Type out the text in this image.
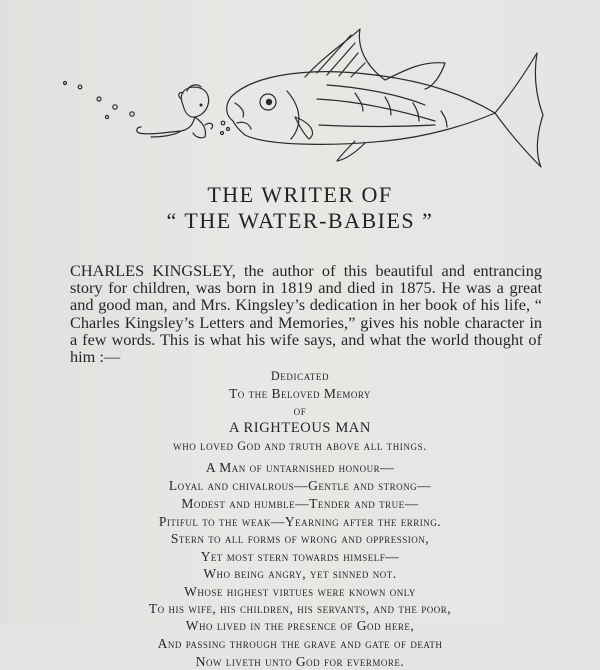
THE WRITER OF
“ THE WATER-BABIES ”

CHARLES KINGSLEY, the author of this beautiful and entrancing story for children, was born in 1819 and died in 1875. He was a great and good man, and Mrs. Kingsley’s dedication in her book of his life, “ Charles Kingsley’s Letters and Memories,” gives his noble character in a few words. This is what his wife says, and what the world thought of him :—

Dedicated
To the Beloved Memory
of
A RIGHTEOUS MAN
who loved God and truth above all things.
A Man of untarnished honour—
Loyal and chivalrous—Gentle and strong—
Modest and humble—Tender and true—
Pitiful to the weak—Yearning after the erring.
Stern to all forms of wrong and oppression,
Yet most stern towards himself—
Who being angry, yet sinned not.
Whose highest virtues were known only
To his wife, his children, his servants, and the poor,
Who lived in the presence of God here,
And passing through the grave and gate of death
Now liveth unto God for evermore.
